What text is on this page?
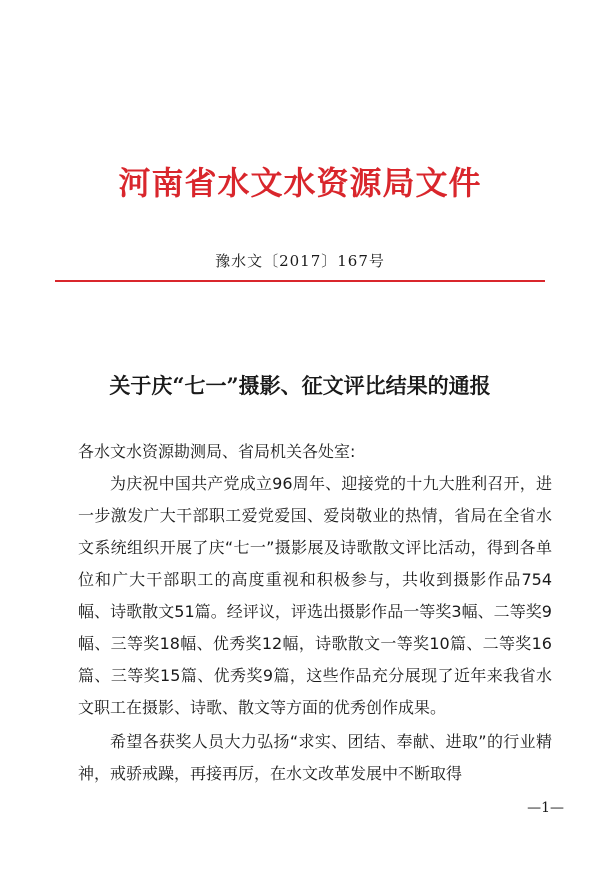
河南省水文水资源局文件
豫水文〔2017〕167号
关于庆“七一”摄影、征文评比结果的通报
各水文水资源勘测局、省局机关各处室:

为庆祝中国共产党成立96周年、迎接党的十九大胜利召开，进一步激发广大干部职工爱党爱国、爱岗敬业的热情，省局在全省水文系统组织开展了庆“七一”摄影展及诗歌散文评比活动，得到各单位和广大干部职工的高度重视和积极参与，共收到摄影作品754幅、诗歌散文51篇。经评议，评选出摄影作品一等奖3幅、二等奖9幅、三等奖18幅、优秀奖12幅，诗歌散文一等奖10篇、二等奖16篇、三等奖15篇、优秀奖9篇，这些作品充分展现了近年来我省水文职工在摄影、诗歌、散文等方面的优秀创作成果。

希望各获奖人员大力弘扬“求实、团结、奉献、进取”的行业精神，戒骄戒躁，再接再厉，在水文改革发展中不断取得

—1—
